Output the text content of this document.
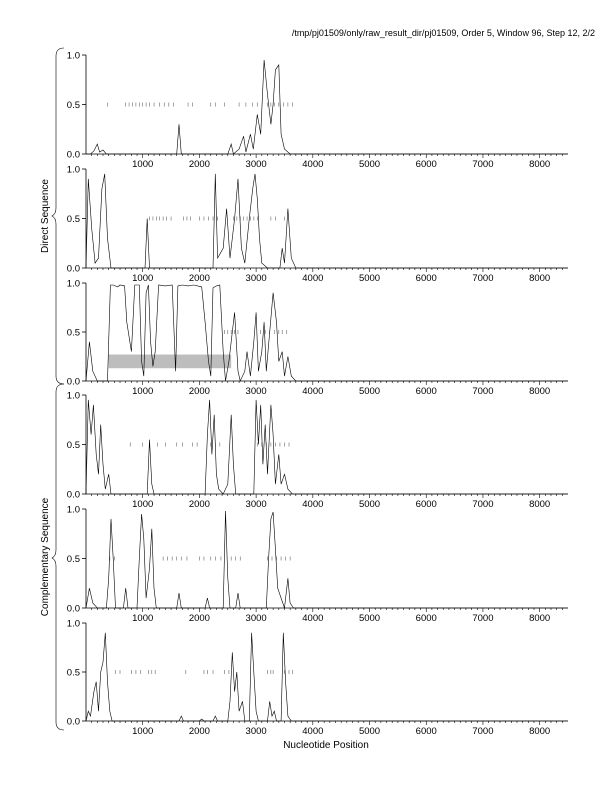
/tmp/pj01509/only/raw_result_dir/pj01509, Order 5, Window 96, Step 12, 2/2
Direct Sequence
Complementary Sequence
Nucleotide Position
0.0
0.5
1.0
1000	2000	3000	4000	5000	6000	7000	8000
0.0
0.5
1.0
1000	2000	3000	4000	5000	6000	7000	8000
0.0
0.5
1.0
1000	2000	3000	4000	5000	6000	7000	8000
0.0
0.5
1.0
1000	2000	3000	4000	5000	6000	7000	8000
0.0
0.5
1.0
1000	2000	3000	4000	5000	6000	7000	8000
0.0
0.5
1.0
1000	2000	3000	4000	5000	6000	7000	8000
